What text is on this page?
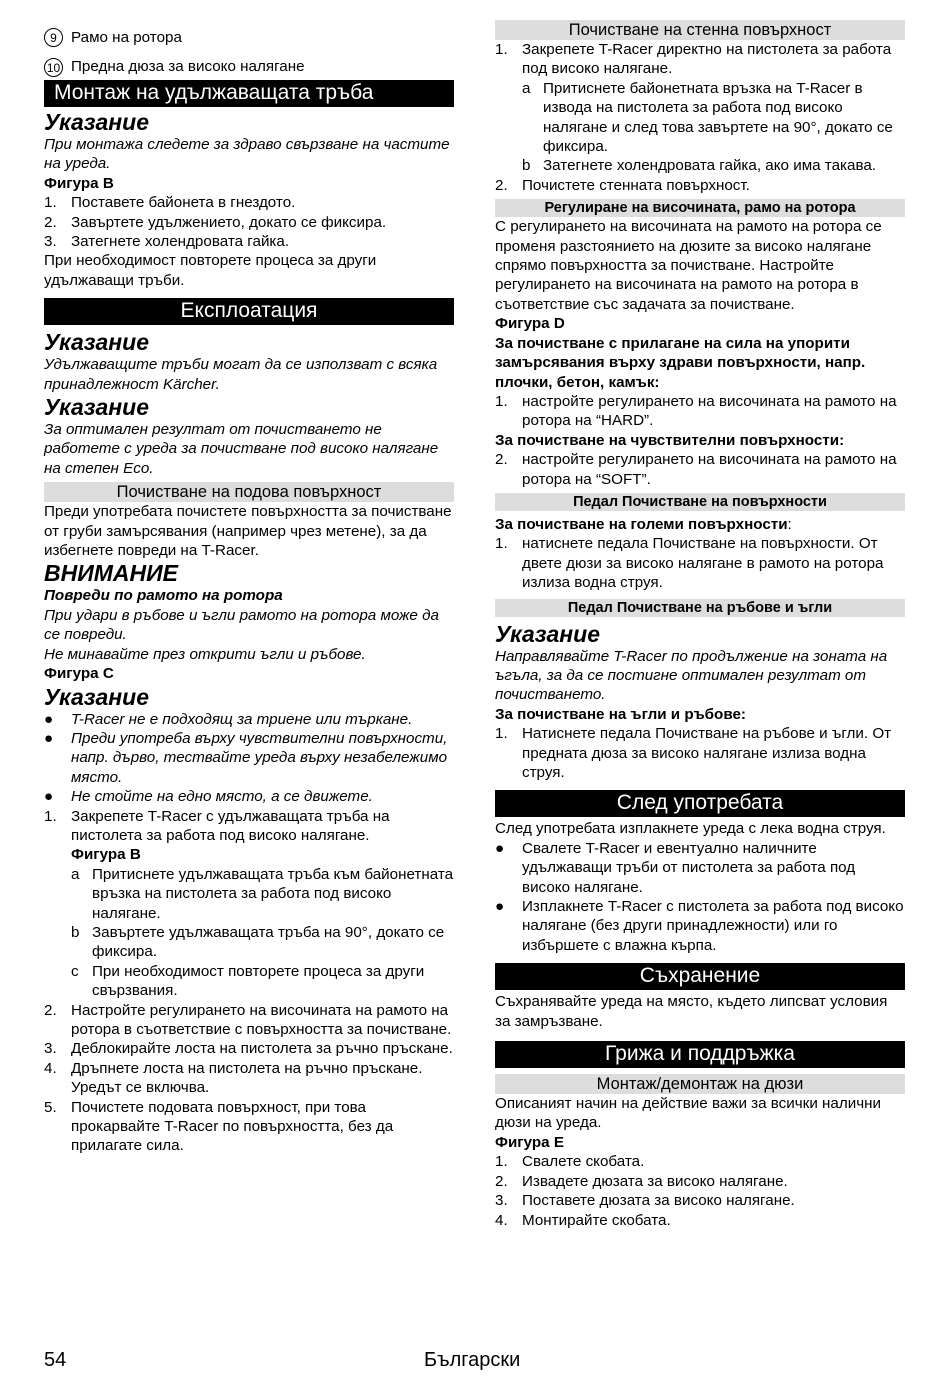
9 Рамо на ротора

10 Предна дюза за високо налягане

Монтаж на удължаващата тръба

Указание

При монтажа следете за здраво свързване на частите на уреда.

Фигура B

1. Поставете байонета в гнездото.

2. Завъртете удължението, докато се фиксира.

3. Затегнете холендровата гайка.

При необходимост повторете процеса за други удължаващи тръби.

Експлоатация

Указание

Удължаващите тръби могат да се използват с всяка принадлежност Kärcher.

Указание

За оптимален резултат от почистването не работете с уреда за почистване под високо налягане на степен Eco.

Почистване на подова повърхност

Преди употребата почистете повърхността за почистване от груби замърсявания (например чрез метене), за да избегнете повреди на T-Racer.

ВНИМАНИЕ

Повреди по рамото на ротора

При удари в ръбове и ъгли рамото на ротора може да се повреди.

Не минавайте през открити ъгли и ръбове.

Фигура C

Указание

● T-Racer не е подходящ за триене или търкане.

● Преди употреба върху чувствителни повърхности, напр. дърво, тествайте уреда върху незабележимо място.

● Не стойте на едно място, а се движете.

1. Закрепете T-Racer с удължаващата тръба на пистолета за работа под високо налягане.

Фигура B

a Притиснете удължаващата тръба към байонетната връзка на пистолета за работа под високо налягане.

b Завъртете удължаващата тръба на 90°, докато се фиксира.

c При необходимост повторете процеса за други свързвания.

2. Настройте регулирането на височината на рамото на ротора в съответствие с повърхността за почистване.

3. Деблокирайте лоста на пистолета за ръчно пръскане.

4. Дръпнете лоста на пистолета на ръчно пръскане.

Уредът се включва.

5. Почистете подовата повърхност, при това прокарвайте T-Racer по повърхността, без да прилагате сила.

Почистване на стенна повърхност

1. Закрепете T-Racer директно на пистолета за работа под високо налягане.

a Притиснете байонетната връзка на T-Racer в извода на пистолета за работа под високо налягане и след това завъртете на 90°, докато се фиксира.

b Затегнете холендровата гайка, ако има такава.

2. Почистете стенната повърхност.

Регулиране на височината, рамо на ротора

С регулирането на височината на рамото на ротора се променя разстоянието на дюзите за високо налягане спрямо повърхността за почистване. Настройте регулирането на височината на рамото на ротора в съответствие със задачата за почистване.

Фигура D

За почистване с прилагане на сила на упорити замърсявания върху здрави повърхности, напр. плочки, бетон, камък:

1. настройте регулирането на височината на рамото на ротора на “HARD”.

За почистване на чувствителни повърхности:

2. настройте регулирането на височината на рамото на ротора на “SOFT”.

Педал Почистване на повърхности

За почистване на големи повърхности:

1. натиснете педала Почистване на повърхности. От двете дюзи за високо налягане в рамото на ротора излиза водна струя.

Педал Почистване на ръбове и ъгли

Указание

Направлявайте T-Racer по продължение на зоната на ъгъла, за да се постигне оптимален резултат от почистването.

За почистване на ъгли и ръбове:

1. Натиснете педала Почистване на ръбове и ъгли. От предната дюза за високо налягане излиза водна струя.

След употребата

След употребата изплакнете уреда с лека водна струя.

● Свалете T-Racer и евентуално наличните удължаващи тръби от пистолета за работа под високо налягане.

● Изплакнете T-Racer с пистолета за работа под високо налягане (без други принадлежности) или го избършете с влажна кърпа.

Съхранение

Съхранявайте уреда на място, където липсват условия за замръзване.

Грижа и поддръжка

Монтаж/демонтаж на дюзи

Описаният начин на действие важи за всички налични дюзи на уреда.

Фигура E

1. Свалете скобата.

2. Извадете дюзата за високо налягане.

3. Поставете дюзата за високо налягане.

4. Монтирайте скобата.

54	Български
